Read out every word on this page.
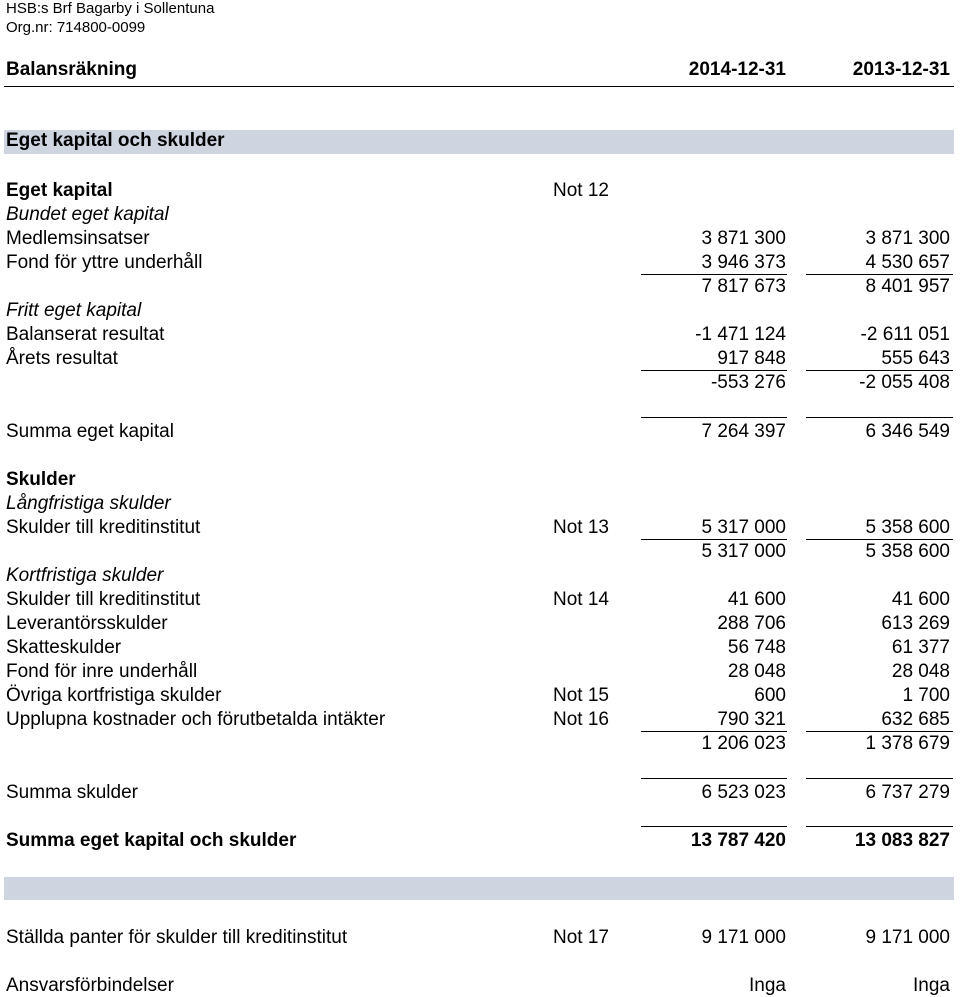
HSB:s Brf Bagarby i Sollentuna
Org.nr: 714800-0099
Balansräkning	2014-12-31	2013-12-31
Eget kapital och skulder
Eget kapital	Not 12
Bundet eget kapital
Medlemsinsatser	3 871 300	3 871 300
Fond för yttre underhåll	3 946 373	4 530 657
7 817 673	8 401 957
Fritt eget kapital
Balanserat resultat	-1 471 124	-2 611 051
Årets resultat	917 848	555 643
-553 276	-2 055 408
Summa eget kapital	7 264 397	6 346 549
Skulder
Långfristiga skulder
Skulder till kreditinstitut	Not 13	5 317 000	5 358 600
5 317 000	5 358 600
Kortfristiga skulder
Skulder till kreditinstitut	Not 14	41 600	41 600
Leverantörsskulder	288 706	613 269
Skatteskulder	56 748	61 377
Fond för inre underhåll	28 048	28 048
Övriga kortfristiga skulder	Not 15	600	1 700
Upplupna kostnader och förutbetalda intäkter	Not 16	790 321	632 685
1 206 023	1 378 679
Summa skulder	6 523 023	6 737 279
Summa eget kapital och skulder	13 787 420	13 083 827
Ställda panter för skulder till kreditinstitut	Not 17	9 171 000	9 171 000
Ansvarsförbindelser	Inga	Inga
